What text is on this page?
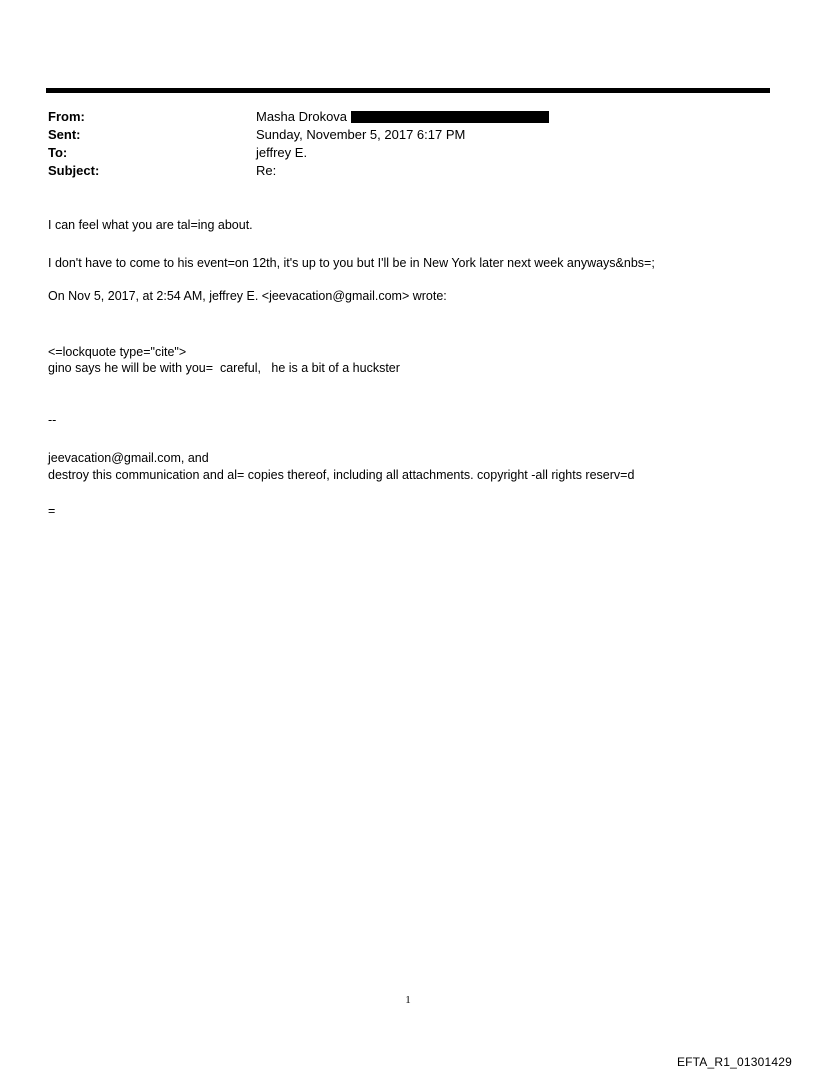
From:	Masha Drokova
Sent:	Sunday, November 5, 2017 6:17 PM
To:	jeffrey E.
Subject:	Re:
I can feel what you are tal=ing about.
I don't have to come to his event=on 12th, it's up to you but I'll be in New York later next week anyways&nbs=;
On Nov 5, 2017, at 2:54 AM, jeffrey E. <jeevacation@gmail.com> wrote:
<=lockquote type="cite">
gino says he will be with you=  careful,   he is a bit of a huckster
--
jeevacation@gmail.com, and
destroy this communication and al= copies thereof, including all attachments. copyright -all rights reserv=d
=
1
EFTA_R1_01301429
